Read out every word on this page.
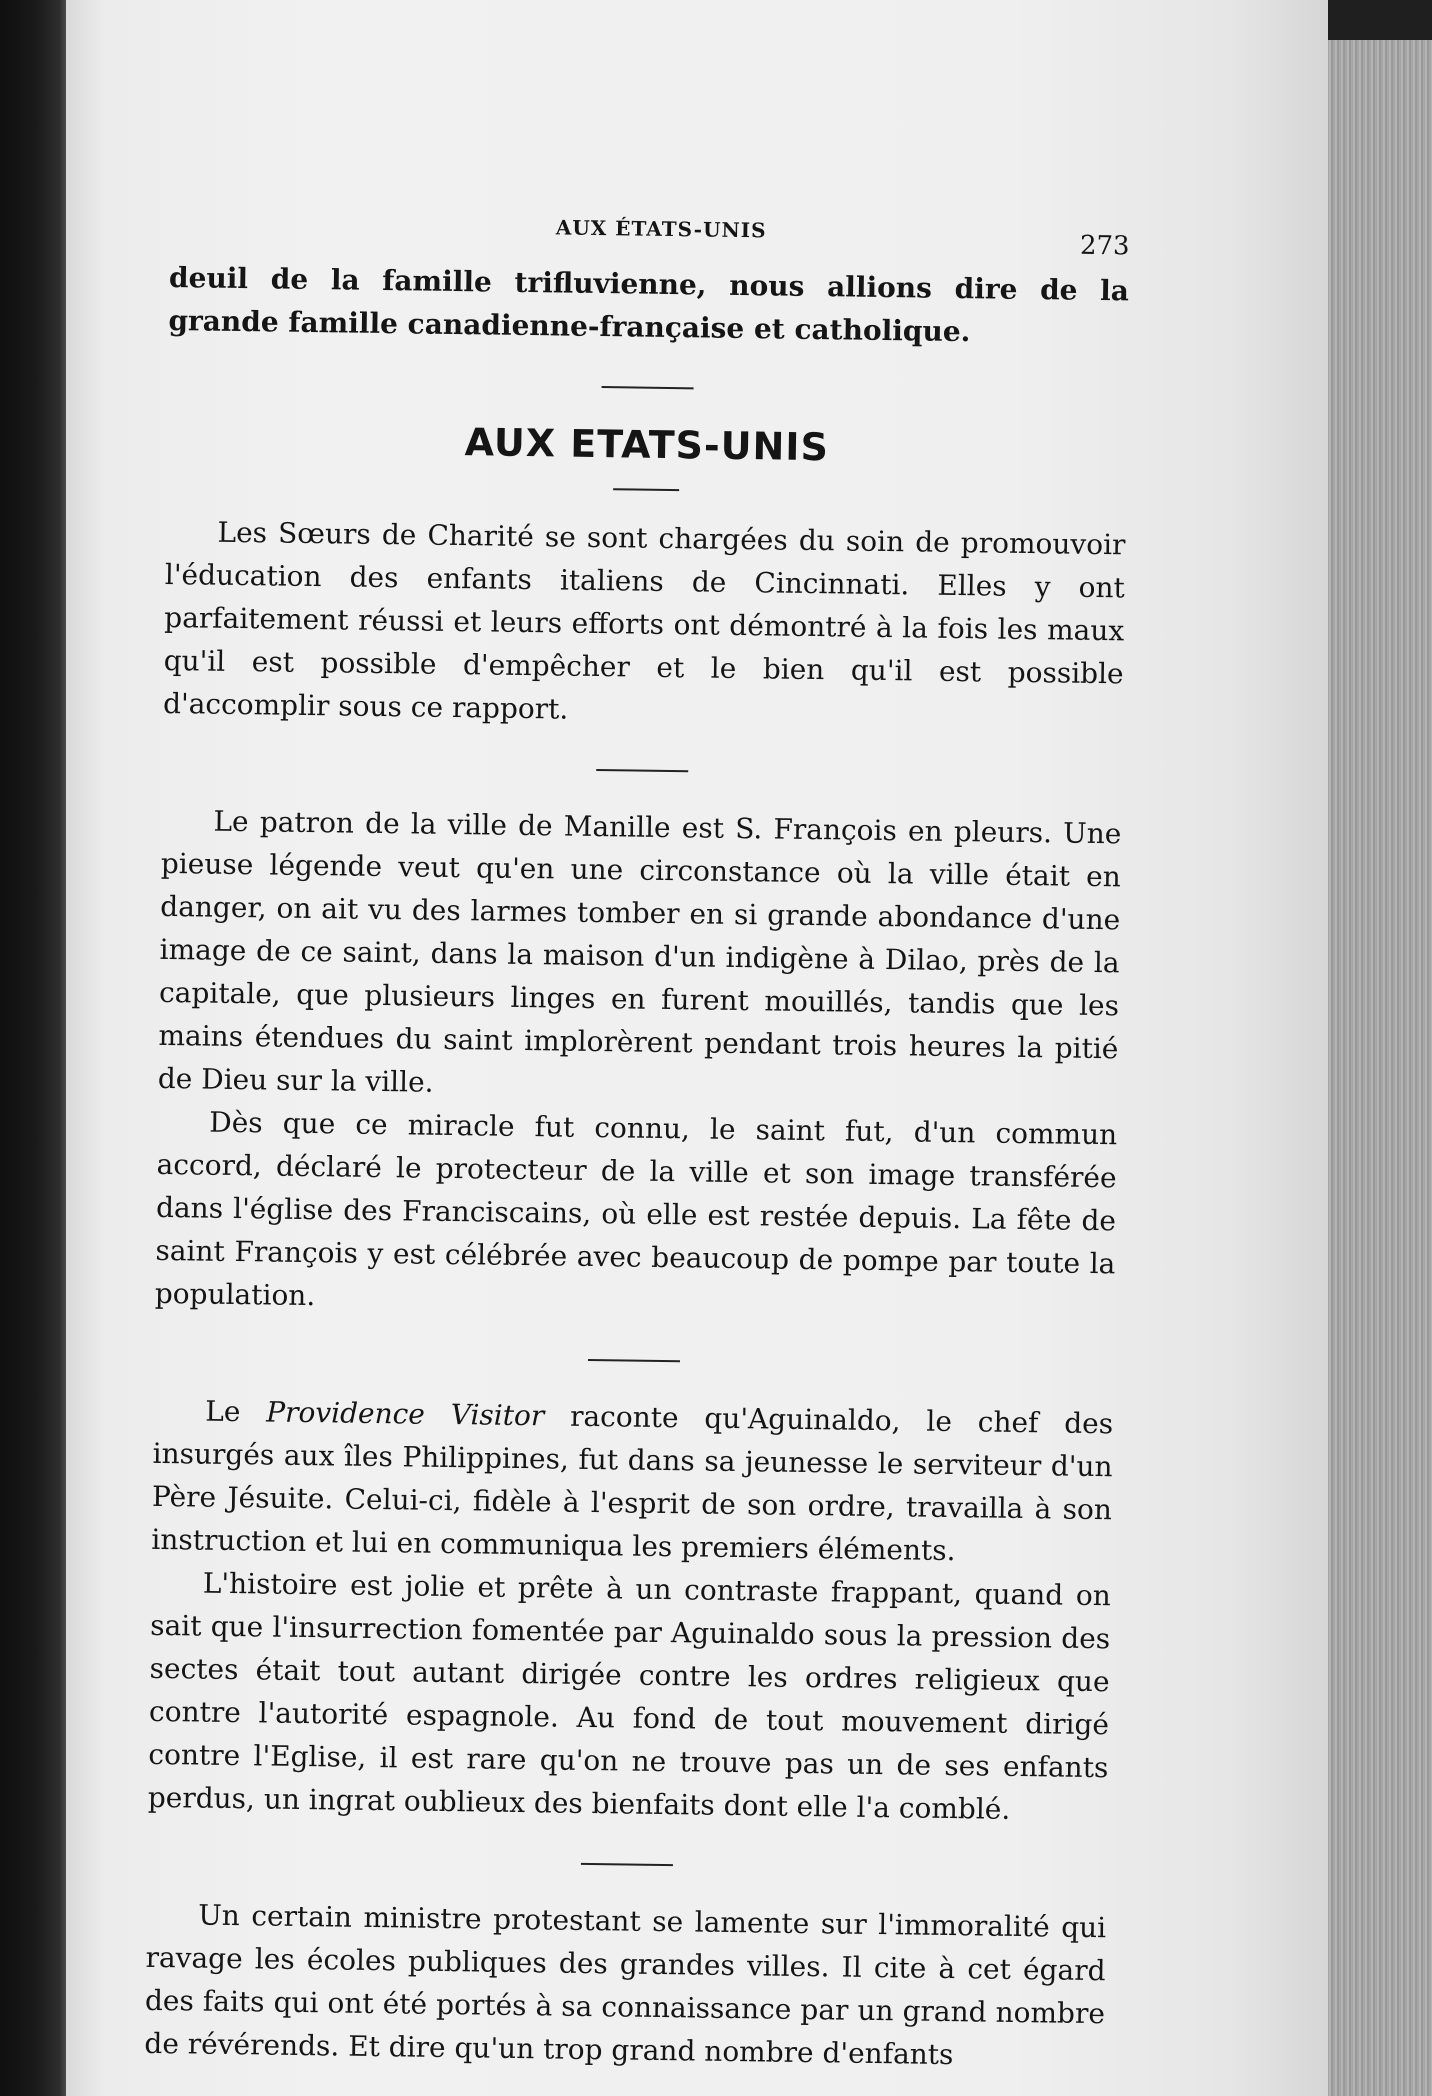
AUX ÉTATS-UNIS
273

deuil de la famille trifluvienne, nous allions dire de la grande famille canadienne-française et catholique.

AUX ETATS-UNIS

Les Sœurs de Charité se sont chargées du soin de promouvoir l'éducation des enfants italiens de Cincinnati. Elles y ont parfaitement réussi et leurs efforts ont démontré à la fois les maux qu'il est possible d'empêcher et le bien qu'il est possible d'accomplir sous ce rapport.

Le patron de la ville de Manille est S. François en pleurs. Une pieuse légende veut qu'en une circonstance où la ville était en danger, on ait vu des larmes tomber en si grande abondance d'une image de ce saint, dans la maison d'un indigène à Dilao, près de la capitale, que plusieurs linges en furent mouillés, tandis que les mains étendues du saint implorèrent pendant trois heures la pitié de Dieu sur la ville.

Dès que ce miracle fut connu, le saint fut, d'un commun accord, déclaré le protecteur de la ville et son image transférée dans l'église des Franciscains, où elle est restée depuis. La fête de saint François y est célébrée avec beaucoup de pompe par toute la population.

Le Providence Visitor raconte qu'Aguinaldo, le chef des insurgés aux îles Philippines, fut dans sa jeunesse le serviteur d'un Père Jésuite. Celui-ci, fidèle à l'esprit de son ordre, travailla à son instruction et lui en communiqua les premiers éléments.

L'histoire est jolie et prête à un contraste frappant, quand on sait que l'insurrection fomentée par Aguinaldo sous la pression des sectes était tout autant dirigée contre les ordres religieux que contre l'autorité espagnole. Au fond de tout mouvement dirigé contre l'Eglise, il est rare qu'on ne trouve pas un de ses enfants perdus, un ingrat oublieux des bienfaits dont elle l'a comblé.

Un certain ministre protestant se lamente sur l'immoralité qui ravage les écoles publiques des grandes villes. Il cite à cet égard des faits qui ont été portés à sa connaissance par un grand nombre de révérends. Et dire qu'un trop grand nombre d'enfants
